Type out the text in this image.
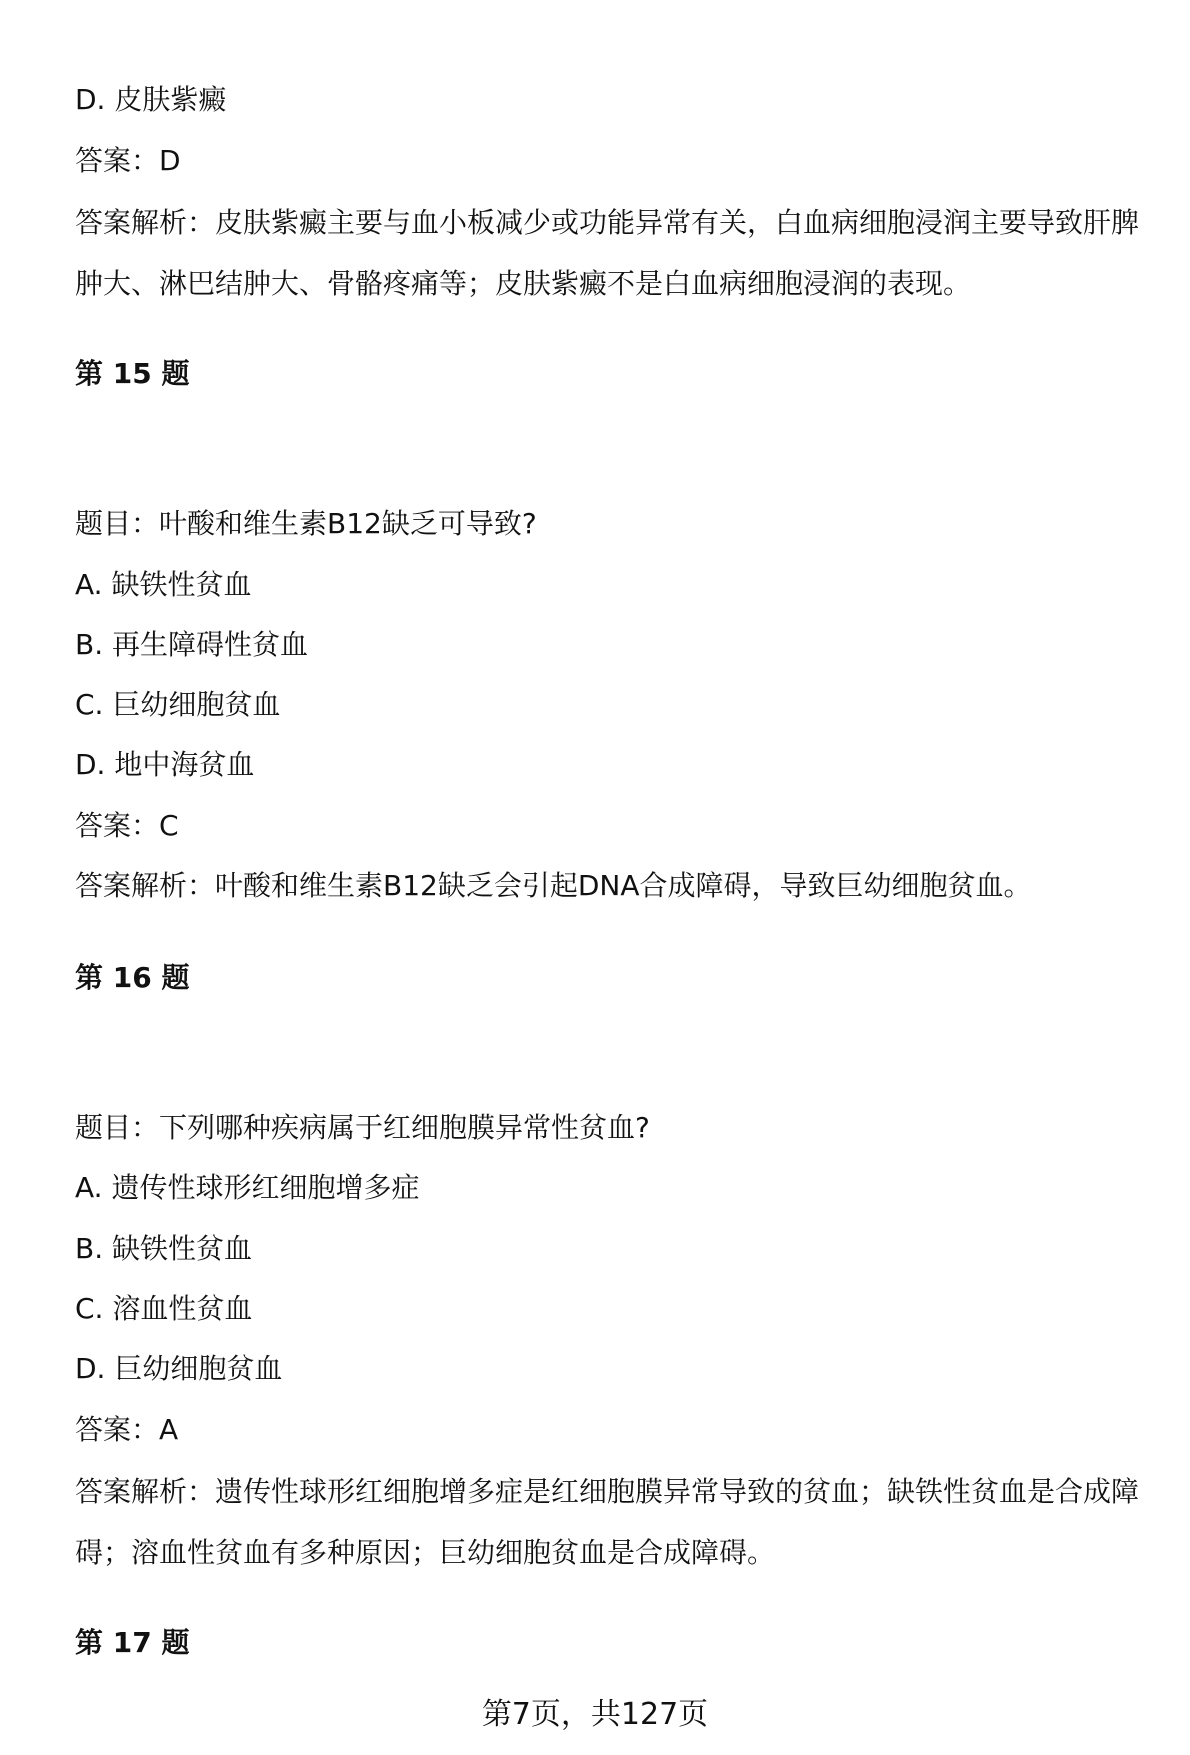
D. 皮肤紫癜
答案：D
答案解析：皮肤紫癜主要与血小板减少或功能异常有关，白血病细胞浸润主要导致肝脾肿大、淋巴结肿大、骨骼疼痛等；皮肤紫癜不是白血病细胞浸润的表现。
第 15 题
题目：叶酸和维生素B12缺乏可导致?
A. 缺铁性贫血
B. 再生障碍性贫血
C. 巨幼细胞贫血
D. 地中海贫血
答案：C
答案解析：叶酸和维生素B12缺乏会引起DNA合成障碍，导致巨幼细胞贫血。
第 16 题
题目：下列哪种疾病属于红细胞膜异常性贫血?
A. 遗传性球形红细胞增多症
B. 缺铁性贫血
C. 溶血性贫血
D. 巨幼细胞贫血
答案：A
答案解析：遗传性球形红细胞增多症是红细胞膜异常导致的贫血；缺铁性贫血是合成障碍；溶血性贫血有多种原因；巨幼细胞贫血是合成障碍。
第 17 题
第7页，共127页
